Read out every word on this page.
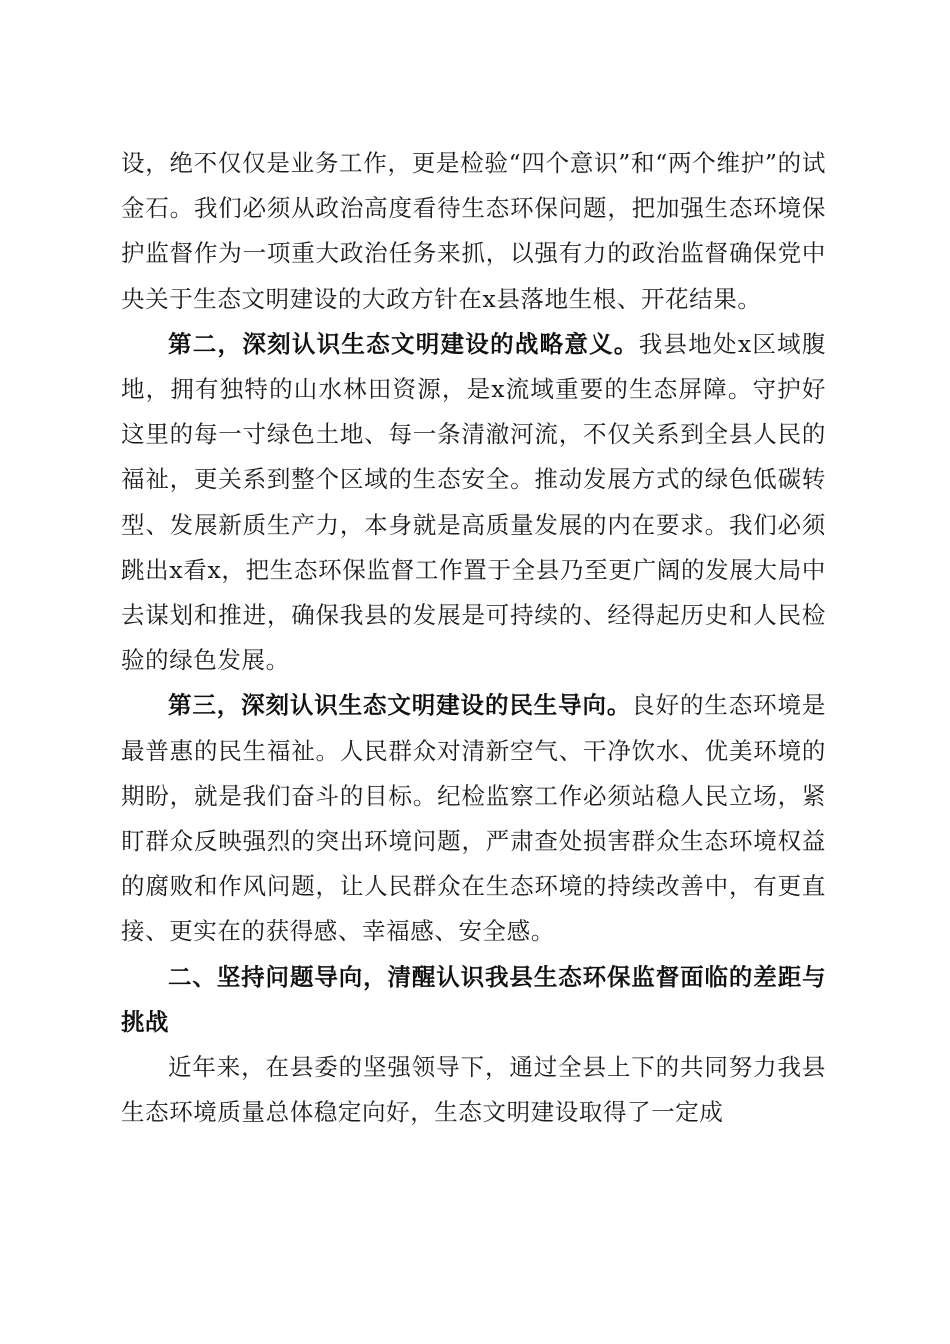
设，绝不仅仅是业务工作，更是检验“四个意识”和“两个维护”的试金石。我们必须从政治高度看待生态环保问题，把加强生态环境保护监督作为一项重大政治任务来抓，以强有力的政治监督确保党中央关于生态文明建设的大政方针在x县落地生根、开花结果。

第二，深刻认识生态文明建设的战略意义。我县地处x区域腹地，拥有独特的山水林田资源，是x流域重要的生态屏障。守护好这里的每一寸绿色土地、每一条清澈河流，不仅关系到全县人民的福祉，更关系到整个区域的生态安全。推动发展方式的绿色低碳转型、发展新质生产力，本身就是高质量发展的内在要求。我们必须跳出x看x，把生态环保监督工作置于全县乃至更广阔的发展大局中去谋划和推进，确保我县的发展是可持续的、经得起历史和人民检验的绿色发展。

第三，深刻认识生态文明建设的民生导向。良好的生态环境是最普惠的民生福祉。人民群众对清新空气、干净饮水、优美环境的期盼，就是我们奋斗的目标。纪检监察工作必须站稳人民立场，紧盯群众反映强烈的突出环境问题，严肃查处损害群众生态环境权益的腐败和作风问题，让人民群众在生态环境的持续改善中，有更直接、更实在的获得感、幸福感、安全感。

二、坚持问题导向，清醒认识我县生态环保监督面临的差距与挑战

近年来，在县委的坚强领导下，通过全县上下的共同努力我县生态环境质量总体稳定向好，生态文明建设取得了一定成
